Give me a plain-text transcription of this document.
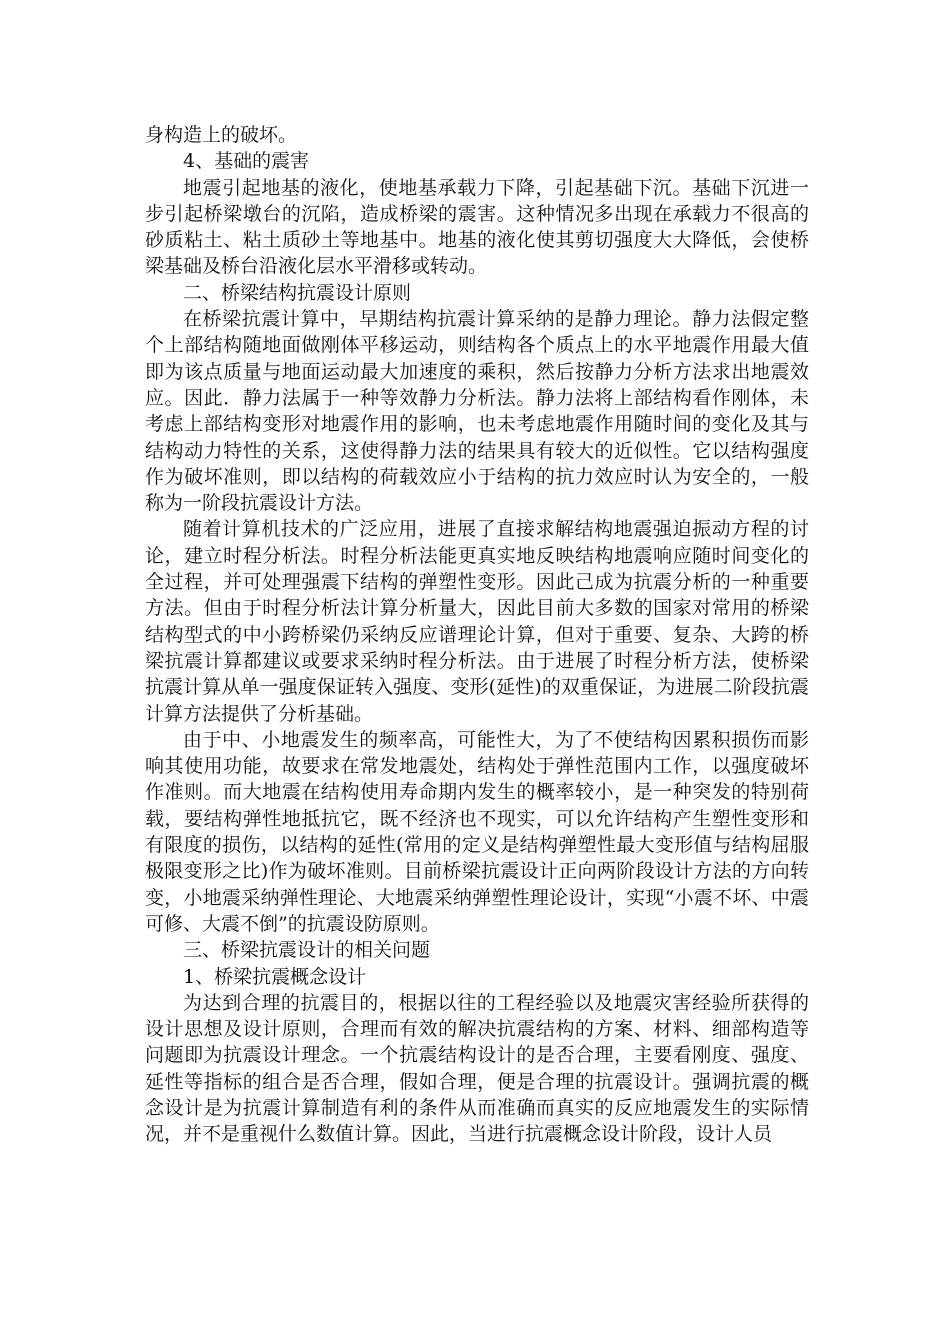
身构造上的破坏。

4、基础的震害

地震引起地基的液化，使地基承载力下降，引起基础下沉。基础下沉进一步引起桥梁墩台的沉陷，造成桥梁的震害。这种情况多出现在承载力不很高的砂质粘土、粘土质砂土等地基中。地基的液化使其剪切强度大大降低，会使桥梁基础及桥台沿液化层水平滑移或转动。

二、桥梁结构抗震设计原则

在桥梁抗震计算中，早期结构抗震计算采纳的是静力理论。静力法假定整个上部结构随地面做刚体平移运动，则结构各个质点上的水平地震作用最大值即为该点质量与地面运动最大加速度的乘积，然后按静力分析方法求出地震效应。因此．静力法属于一种等效静力分析法。静力法将上部结构看作刚体，未考虑上部结构变形对地震作用的影响，也未考虑地震作用随时间的变化及其与结构动力特性的关系，这使得静力法的结果具有较大的近似性。它以结构强度作为破坏准则，即以结构的荷载效应小于结构的抗力效应时认为安全的，一般称为一阶段抗震设计方法。

随着计算机技术的广泛应用，进展了直接求解结构地震强迫振动方程的讨论，建立时程分析法。时程分析法能更真实地反映结构地震响应随时间变化的全过程，并可处理强震下结构的弹塑性变形。因此己成为抗震分析的一种重要方法。但由于时程分析法计算分析量大，因此目前大多数的国家对常用的桥梁结构型式的中小跨桥梁仍采纳反应谱理论计算，但对于重要、复杂、大跨的桥梁抗震计算都建议或要求采纳时程分析法。由于进展了时程分析方法，使桥梁抗震计算从单一强度保证转入强度、变形(延性)的双重保证，为进展二阶段抗震计算方法提供了分析基础。

由于中、小地震发生的频率高，可能性大，为了不使结构因累积损伤而影响其使用功能，故要求在常发地震处，结构处于弹性范围内工作，以强度破坏作准则。而大地震在结构使用寿命期内发生的概率较小，是一种突发的特别荷载，要结构弹性地抵抗它，既不经济也不现实，可以允许结构产生塑性变形和有限度的损伤，以结构的延性(常用的定义是结构弹塑性最大变形值与结构屈服极限变形之比)作为破坏准则。目前桥梁抗震设计正向两阶段设计方法的方向转变，小地震采纳弹性理论、大地震采纳弹塑性理论设计，实现“小震不坏、中震可修、大震不倒”的抗震设防原则。

三、桥梁抗震设计的相关问题

1、桥梁抗震概念设计

为达到合理的抗震目的，根据以往的工程经验以及地震灾害经验所获得的设计思想及设计原则，合理而有效的解决抗震结构的方案、材料、细部构造等问题即为抗震设计理念。一个抗震结构设计的是否合理，主要看刚度、强度、延性等指标的组合是否合理，假如合理，便是合理的抗震设计。强调抗震的概念设计是为抗震计算制造有利的条件从而准确而真实的反应地震发生的实际情况，并不是重视什么数值计算。因此，当进行抗震概念设计阶段，设计人员
